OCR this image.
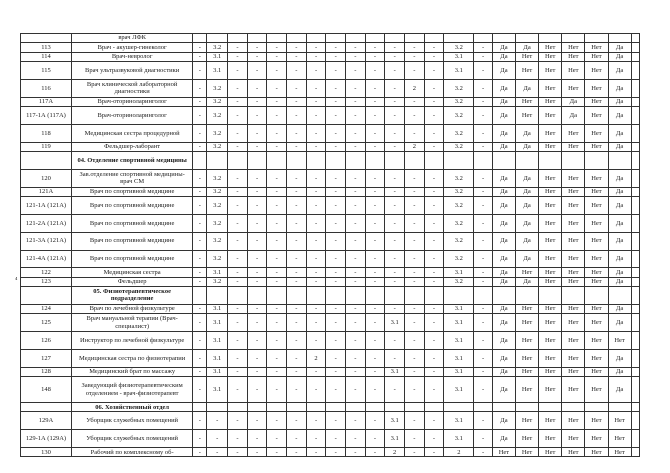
	врач ЛФК																						
113	Врач - акушер-гинеколог	-	3.2	-	-	-	-	-	-	-	-	-	-	-	3.2	-	Да	Да	Нет	Нет	Нет	Да	
114	Врач-невролог	-	3.1	-	-	-	-	-	-	-	-	-	-	-	3.1	-	Да	Нет	Нет	Нет	Нет	Да	
115	Врач ультразвуковой диагностики	-	3.1	-	-	-	-	-	-	-	-	-	-	-	3.1	-	Да	Нет	Нет	Нет	Нет	Да	
116	Врач клинической лабораторной диагностики	-	3.2	-	-	-	-	-	-	-	-	-	2	-	3.2	-	Да	Да	Нет	Нет	Нет	Да	
117А	Врач-оториноларинголог	-	3.2	-	-	-	-	-	-	-	-	-	-	-	3.2	-	Да	Нет	Нет	Да	Нет	Да	
117-1А (117А)	Врач-оториноларинголог	-	3.2	-	-	-	-	-	-	-	-	-	-	-	3.2	-	Да	Нет	Нет	Да	Нет	Да	
118	Медицинская сестра процедурной	-	3.2	-	-	-	-	-	-	-	-	-	-	-	3.2	-	Да	Да	Нет	Нет	Нет	Да	
119	Фельдшер-лаборант	-	3.2	-	-	-	-	-	-	-	-	-	2	-	3.2	-	Да	Да	Нет	Нет	Нет	Да	
	04. Отделение спортивной медицины																						
120	Зав.отделение спортивной медицины- врач СМ	-	3.2	-	-	-	-	-	-	-	-	-	-	-	3.2	-	Да	Да	Нет	Нет	Нет	Да	
121А	Врач по спортивной медицине	-	3.2	-	-	-	-	-	-	-	-	-	-	-	3.2	-	Да	Да	Нет	Нет	Нет	Да	
121-1А (121А)	Врач по спортивной медицине	-	3.2	-	-	-	-	-	-	-	-	-	-	-	3.2	-	Да	Да	Нет	Нет	Нет	Да	
121-2А (121А)	Врач по спортивной медицине	-	3.2	-	-	-	-	-	-	-	-	-	-	-	3.2	-	Да	Да	Нет	Нет	Нет	Да	
121-3А (121А)	Врач по спортивной медицине	-	3.2	-	-	-	-	-	-	-	-	-	-	-	3.2	-	Да	Да	Нет	Нет	Нет	Да	
121-4А (121А)	Врач по спортивной медицине	-	3.2	-	-	-	-	-	-	-	-	-	-	-	3.2	-	Да	Да	Нет	Нет	Нет	Да	
122	Медицинская сестра	-	3.1	-	-	-	-	-	-	-	-	-	-	-	3.1	-	Да	Нет	Нет	Нет	Нет	Да	
123	Фельдшер	-	3.2	-	-	-	-	-	-	-	-	-	-	-	3.2	-	Да	Да	Нет	Нет	Нет	Да	
	05. Физиотерапевтическое подразделение																						
124	Врач по лечебной физкультуре	-	3.1	-	-	-	-	-	-	-	-	-	-	-	3.1	-	Да	Нет	Нет	Нет	Нет	Да	
125	Врач мануальной терапии (Врач-специалист)	-	3.1	-	-	-	-	-	-	-	-	3.1	-	-	3.1	-	Да	Нет	Нет	Нет	Нет	Да	
126	Инструктор по лечебной физкультуре	-	3.1	-	-	-	-	-	-	-	-	-	-	-	3.1	-	Да	Нет	Нет	Нет	Нет	Нет	
127	Медицинская сестра по физиотерапии	-	3.1	-	-	-	-	2	-	-	-	-	-	-	3.1	-	Да	Нет	Нет	Нет	Нет	Да	
128	Медицинский брат по массажу	-	3.1	-	-	-	-	-	-	-	-	3.1	-	-	3.1	-	Да	Нет	Нет	Нет	Нет	Да	
148	Заведующий физиотерапевтическим отделением - врач-физиотерапевт	-	3.1	-	-	-	-	-	-	-	-	-	-	-	3.1	-	Да	Нет	Нет	Нет	Нет	Да	
	06. Хозяйственный отдел																						
129А	Уборщик служебных помещений	-	-	-	-	-	-	-	-	-	-	3.1	-	-	3.1	-	Да	Нет	Нет	Нет	Нет	Нет	
129-1А (129А)	Уборщик служебных помещений	-	-	-	-	-	-	-	-	-	-	3.1	-	-	3.1	-	Да	Нет	Нет	Нет	Нет	Нет	
130	Рабочий по комплексному об-	-	-	-	-	-	-	-	-	-	-	2	-	-	2	-	Нет	Нет	Нет	Нет	Нет	Нет	
⁴
